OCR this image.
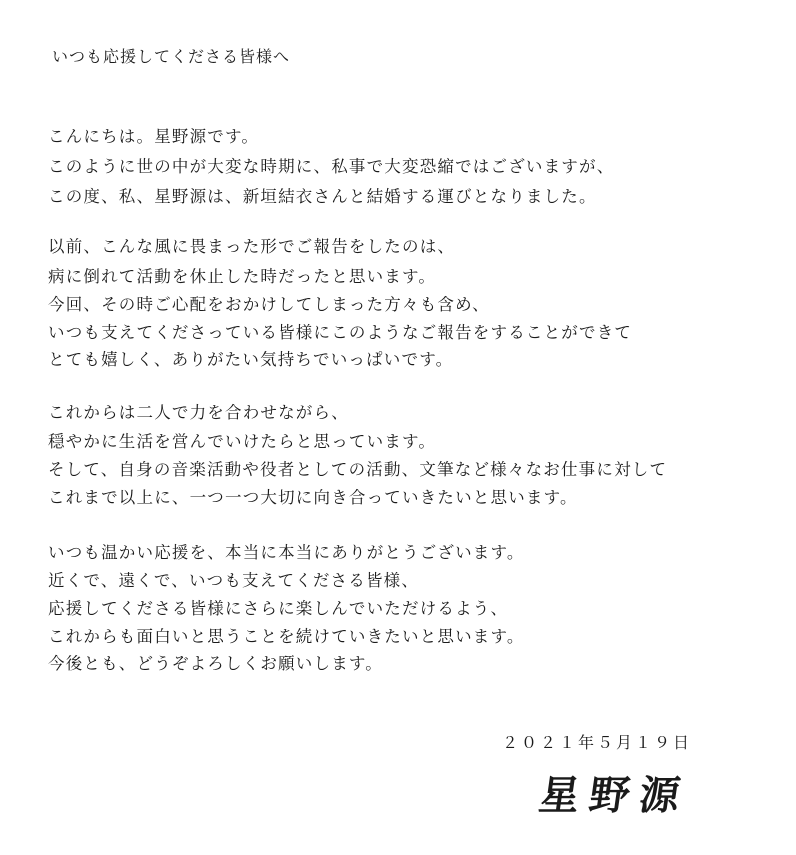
いつも応援してくださる皆様へ
こんにちは。星野源です。
このように世の中が大変な時期に、私事で大変恐縮ではございますが、
この度、私、星野源は、新垣結衣さんと結婚する運びとなりました。
以前、こんな風に畏まった形でご報告をしたのは、
病に倒れて活動を休止した時だったと思います。
今回、その時ご心配をおかけしてしまった方々も含め、
いつも支えてくださっている皆様にこのようなご報告をすることができて
とても嬉しく、ありがたい気持ちでいっぱいです。
これからは二人で力を合わせながら、
穏やかに生活を営んでいけたらと思っています。
そして、自身の音楽活動や役者としての活動、文筆など様々なお仕事に対して
これまで以上に、一つ一つ大切に向き合っていきたいと思います。
いつも温かい応援を、本当に本当にありがとうございます。
近くで、遠くで、いつも支えてくださる皆様、
応援してくださる皆様にさらに楽しんでいただけるよう、
これからも面白いと思うことを続けていきたいと思います。
今後とも、どうぞよろしくお願いします。
２０２１年５月１９日
星野源
